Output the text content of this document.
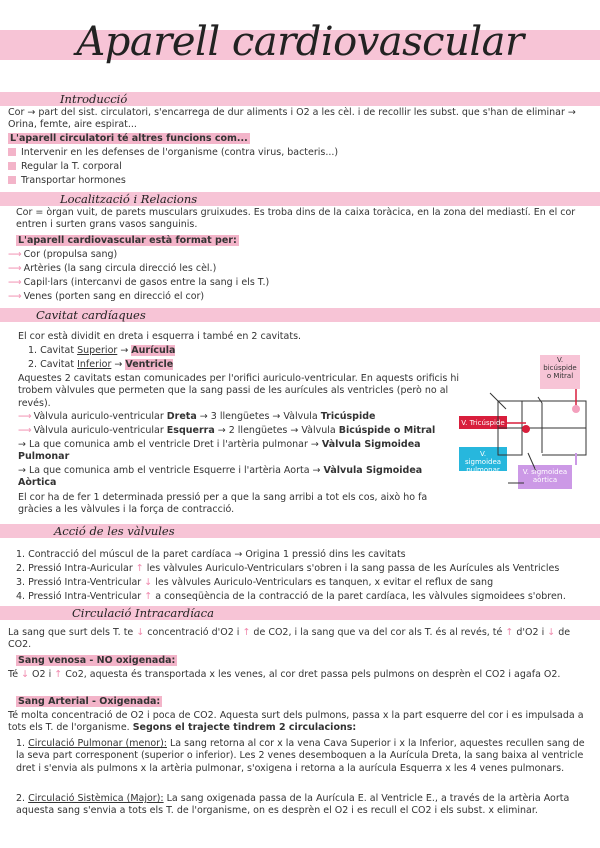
Aparell cardiovascular
Introducció
Cor → part del sist. circulatori, s'encarrega de dur aliments i O2 a les cèl. i de recollir les subst. que s'han de eliminar → Orina, femte, aire espirat...
L'aparell circulatori té altres funcions com...
Intervenir en les defenses de l'organisme (contra virus, bacteris...)
Regular la T. corporal
Transportar hormones
Localització i Relacions
Cor = òrgan vuit, de parets musculars gruixudes. Es troba dins de la caixa toràcica, en la zona del mediastí. En el cor entren i surten grans vasos sanguinis.
L'aparell cardiovascular està format per:
⟶ Cor (propulsa sang)
⟶ Artèries (la sang circula direcció les cèl.)
⟶ Capil·lars (intercanvi de gasos entre la sang i els T.)
⟶ Venes (porten sang en direcció el cor)
Cavitat cardíaques
El cor està dividit en dreta i esquerra i també en 2 cavitats.
1. Cavitat Superior → Aurícula
2. Cavitat Inferior → Ventricle
Aquestes 2 cavitats estan comunicades per l'orifici auriculo-ventricular. En aquests orificis hi trobem vàlvules que permeten que la sang passi de les aurícules als ventricles (però no al revés).
⟶ Vàlvula auriculo-ventricular Dreta → 3 llengüetes → Vàlvula Tricúspide
⟶ Vàlvula auriculo-ventricular Esquerra → 2 llengüetes → Vàlvula Bicúspide o Mitral
→ La que comunica amb el ventricle Dret i l'artèria pulmonar → Vàlvula Sigmoidea Pulmonar
→ La que comunica amb el ventricle Esquerre i l'artèria Aorta → Vàlvula Sigmoidea Aòrtica
El cor ha de fer 1 determinada pressió per a que la sang arribi a tot els cos, això ho fa gràcies a les vàlvules i la força de contracció.
V. bicúspide o Mitral
V. Tricúspide
V. sigmoidea pulmonar	V. sigmoidea aòrtica
Acció de les vàlvules
1. Contracció del múscul de la paret cardíaca → Origina 1 pressió dins les cavitats
2. Pressió Intra-Auricular ↑ les vàlvules Auriculo-Ventriculars s'obren i la sang passa de les Aurícules als Ventricles
3. Pressió Intra-Ventricular ↓ les vàlvules Auriculo-Ventriculars es tanquen, x evitar el reflux de sang
4. Pressió Intra-Ventricular ↑ a conseqüència de la contracció de la paret cardíaca, les vàlvules sigmoidees s'obren.
Circulació Intracardíaca
La sang que surt dels T. te ↓ concentració d'O2 i ↑ de CO2, i la sang que va del cor als T. és al revés, té ↑ d'O2 i ↓ de CO2.
Sang venosa - NO oxigenada:
Té ↓ O2 i ↑ Co2, aquesta és transportada x les venes, al cor dret passa pels pulmons on desprèn el CO2 i agafa O2.
Sang Arterial - Oxigenada:
Té molta concentració de O2 i poca de CO2. Aquesta surt dels pulmons, passa x la part esquerre del cor i es impulsada a tots els T. de l'organisme. Segons el trajecte tindrem 2 circulacions:
1. Circulació Pulmonar (menor): La sang retorna al cor x la vena Cava Superior i x la Inferior, aquestes recullen sang de la seva part corresponent (superior o inferior). Les 2 venes desemboquen a la Aurícula Dreta, la sang baixa al ventricle dret i s'envia als pulmons x la artèria pulmonar, s'oxigena i retorna a la aurícula Esquerra x les 4 venes pulmonars.
2. Circulació Sistèmica (Major): La sang oxigenada passa de la Aurícula E. al Ventricle E., a través de la artèria Aorta aquesta sang s'envia a tots els T. de l'organisme, on es desprèn el O2 i es recull el CO2 i els subst. x eliminar.
